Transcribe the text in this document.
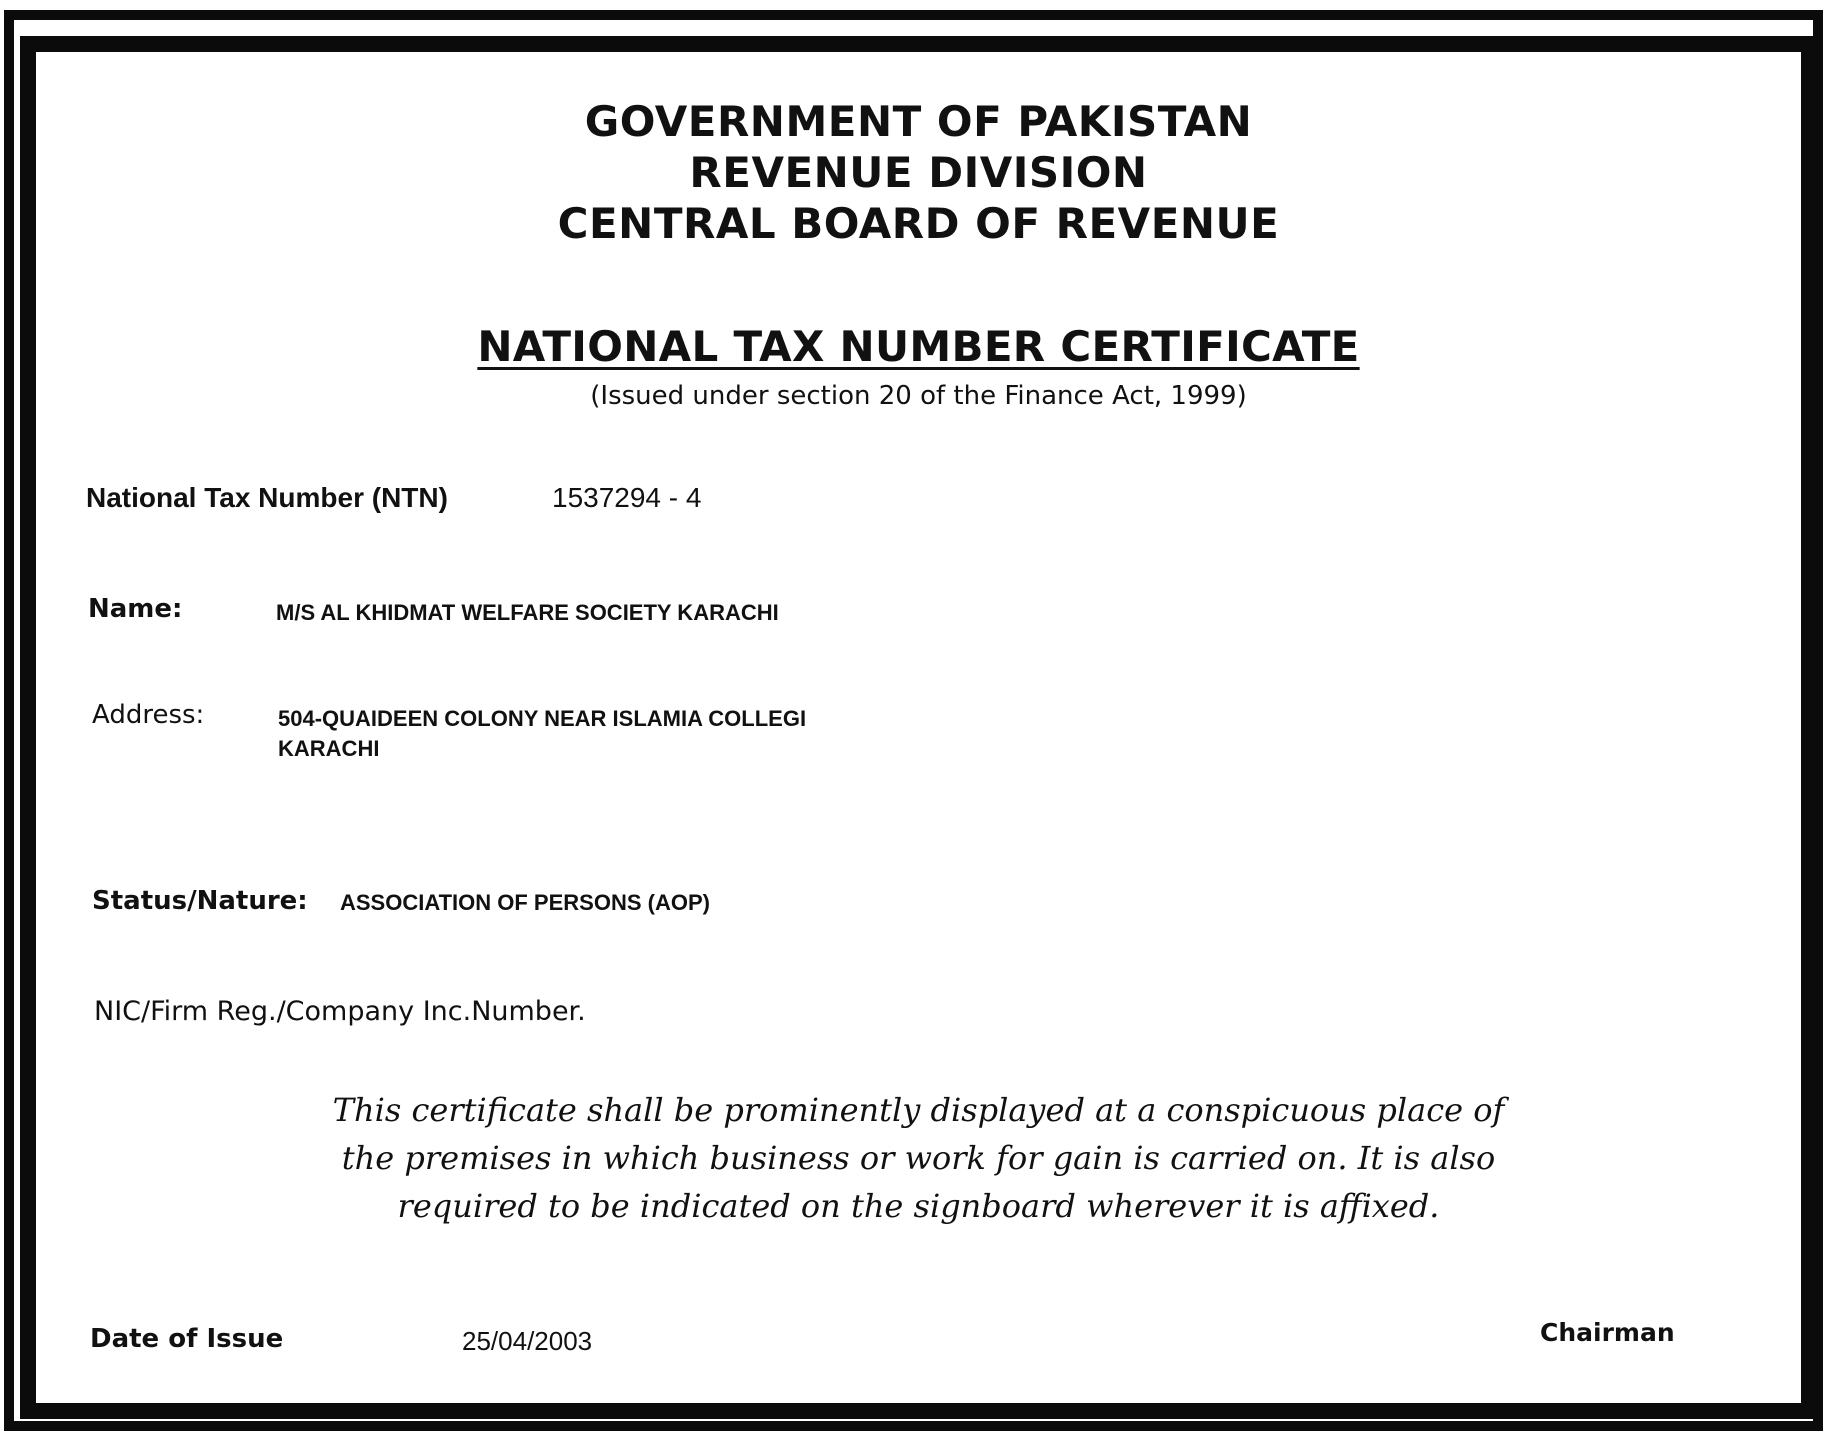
GOVERNMENT OF PAKISTAN
REVENUE DIVISION
CENTRAL BOARD OF REVENUE
NATIONAL TAX NUMBER CERTIFICATE
(Issued under section 20 of the Finance Act, 1999)
National Tax Number (NTN)	1537294 - 4
Name:	M/S AL KHIDMAT WELFARE SOCIETY KARACHI
Address:	504-QUAIDEEN COLONY NEAR ISLAMIA COLLEGI
KARACHI
Status/Nature: ASSOCIATION OF PERSONS (AOP)
NIC/Firm Reg./Company Inc.Number.
This certificate shall be prominently displayed at a conspicuous place of
the premises in which business or work for gain is carried on. It is also
required to be indicated on the signboard wherever it is affixed.
Date of Issue	25/04/2003	Chairman
